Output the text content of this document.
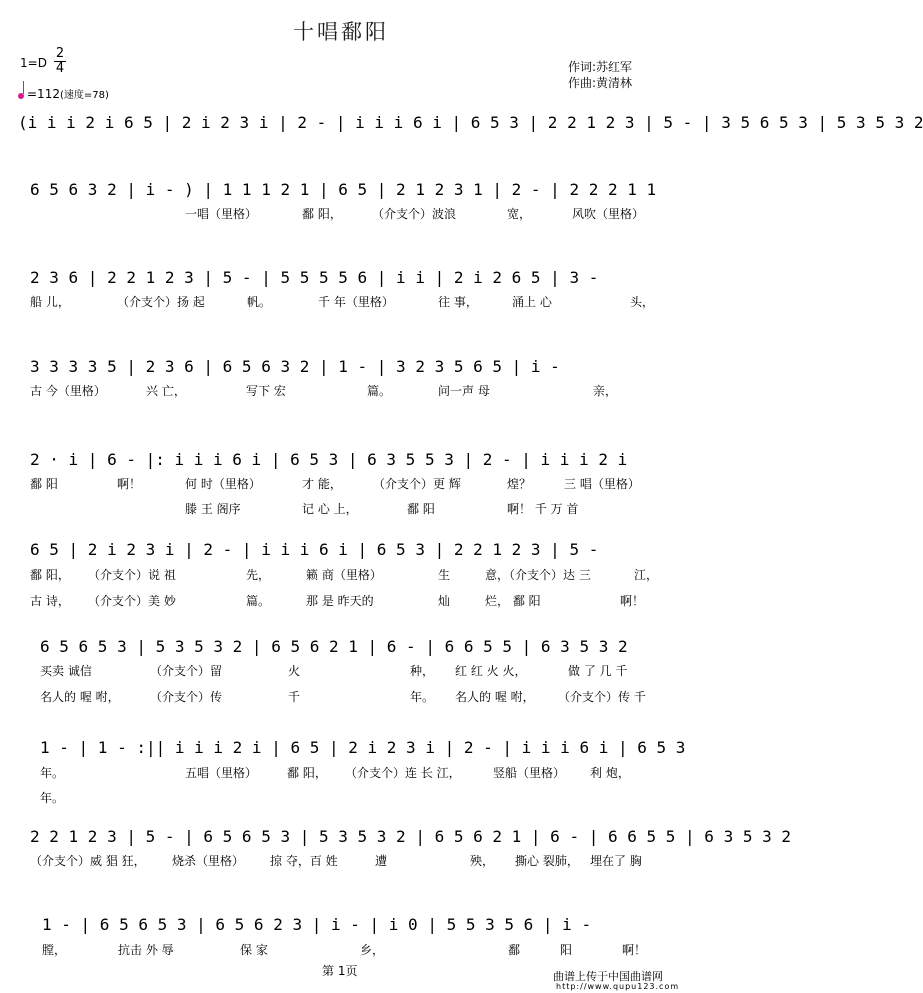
十唱鄱阳
1=D
2
4
=112(速度=78)
作词:苏红军
作曲:黄清林
(i i i 2 i 6 5 | 2 i 2 3 i | 2 - | i i i 6 i | 6 5 3 | 2 2 1 2 3 | 5 - | 3 5 6 5 3 | 5 3 5 3 2
6 5 6 3 2 | i - ) | 1 1 1 2 1 | 6 5 | 2 1 2 3 1 | 2 - | 2 2 2 1 1
一唱（里格）	鄱 阳，	（介支个）波浪	宽，	风吹（里格）
2 3 6 | 2 2 1 2 3 | 5 - | 5 5 5 5 6 | i i | 2 i 2 6 5 | 3 -
船 儿，	（介支个）扬 起	帆。	千 年（里格）	往 事，	涌上 心	头，
3 3 3 3 5 | 2 3 6 | 6 5 6 3 2 | 1 - | 3 2 3 5 6 5 | i -
古 今（里格）	兴 亡，	写下 宏	篇。	问一声 母	亲，
2 · i | 6 - |: i i i 6 i | 6 5 3 | 6 3 5 5 3 | 2 - | i i i 2 i
鄱 阳	啊！	何 时（里格）	才 能，	（介支个）更 辉	煌？	三 唱（里格）
滕 王 阁序	记 心 上，	鄱 阳	啊！ 千 万 首
6 5 | 2 i 2 3 i | 2 - | i i i 6 i | 6 5 3 | 2 2 1 2 3 | 5 -
鄱 阳， （介支个）说 祖	先，	籁 商（里格）	生	意，（介支个）达 三	江，
古 诗， （介支个）美 妙	篇。	那 是 昨天的	灿	烂， 鄱 阳	啊！
6 5 6 5 3 | 5 3 5 3 2 | 6 5 6 2 1 | 6 - | 6 6 5 5 | 6 3 5 3 2
买卖 诚信	（介支个）留	火	种， 红 红 火 火，	做 了 几 千
名人的 喔 咐，	（介支个）传	千	年。 名人的 喔 咐， （介支个）传 千
1 - | 1 - :|| i i i 2 i | 6 5 | 2 i 2 3 i | 2 - | i i i 6 i | 6 5 3
年。	五唱（里格） 鄱 阳， （介支个）连 长 江，	竖船（里格） 利 炮，
年。
2 2 1 2 3 | 5 - | 6 5 6 5 3 | 5 3 5 3 2 | 6 5 6 2 1 | 6 - | 6 6 5 5 | 6 3 5 3 2
（介支个）威 猖 狂， 烧杀（里格） 掠 夺，百 姓	遭	殃， 撕心 裂肺， 埋在了 胸
1 - | 6 5 6 5 3 | 6 5 6 2 3 | i - | i 0 | 5 5 3 5 6 | i -
膛，	抗击 外 辱	保 家	乡，	鄱	阳	啊！
第 1页	曲谱上传于中国曲谱网
http://www.qupu123.com
